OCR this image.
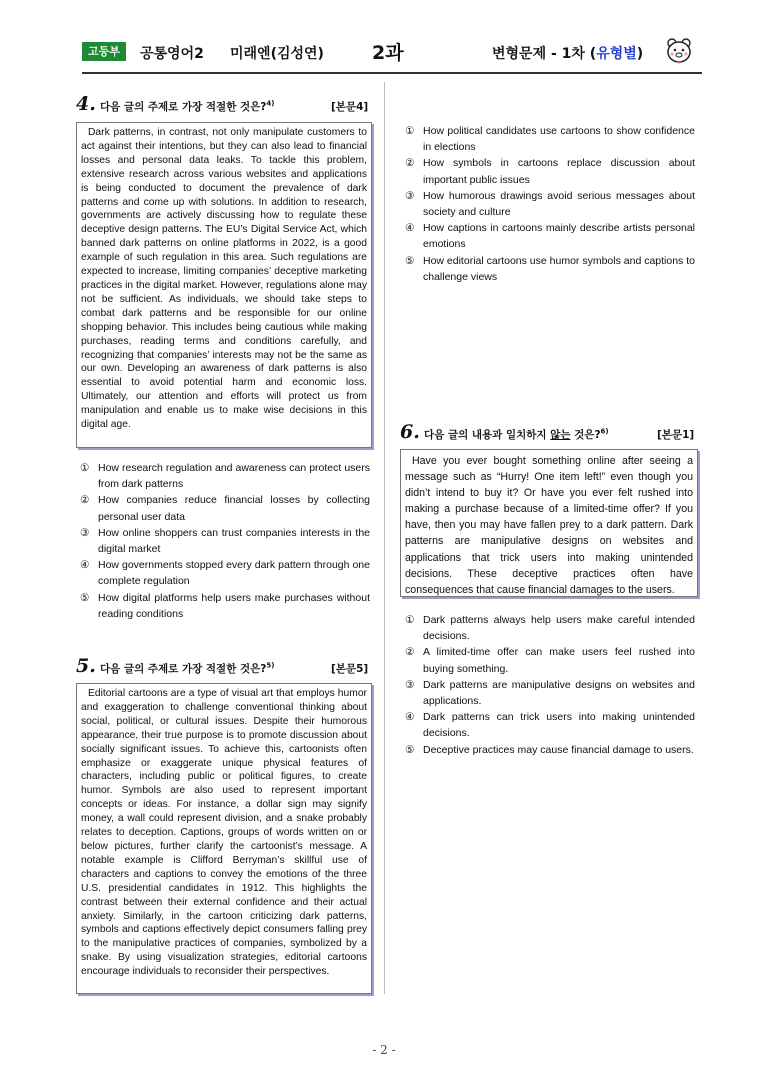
고등부	공통영어2 미래엔(김성연)	2과	변형문제 - 1차 (유형별)
4. 다음 글의 주제로 가장 적절한 것은?$^{4)}$	[본문4]

Dark patterns, in contrast, not only manipulate customers to act against their intentions, but they can also lead to financial losses and personal data leaks. To tackle this problem, extensive research across various websites and applications is being conducted to document the prevalence of dark patterns and come up with solutions. In addition to research, governments are actively discussing how to regulate these deceptive design patterns. The EU’s Digital Service Act, which banned dark patterns on online platforms in 2022, is a good example of such regulation in this area. Such regulations are expected to increase, limiting companies’ deceptive marketing practices in the digital market. However, regulations alone may not be sufficient. As individuals, we should take steps to combat dark patterns and be responsible for our online shopping behavior. This includes being cautious while making purchases, reading terms and conditions carefully, and recognizing that companies’ interests may not be the same as our own. Developing an awareness of dark patterns is also essential to avoid potential harm and economic loss. Ultimately, our attention and efforts will protect us from manipulation and enable us to make wise decisions in this digital age.

① How research regulation and awareness can protect users from dark patterns
② How companies reduce financial losses by collecting personal user data
③ How online shoppers can trust companies interests in the digital market
④ How governments stopped every dark pattern through one complete regulation
⑤ How digital platforms help users make purchases without reading conditions
5. 다음 글의 주제로 가장 적절한 것은?$^{5)}$	[본문5]

Editorial cartoons are a type of visual art that employs humor and exaggeration to challenge conventional thinking about social, political, or cultural issues. Despite their humorous appearance, their true purpose is to promote discussion about socially significant issues. To achieve this, cartoonists often emphasize or exaggerate unique physical features of characters, including public or political figures, to create humor. Symbols are also used to represent important concepts or ideas. For instance, a dollar sign may signify money, a wall could represent division, and a snake probably relates to deception. Captions, groups of words written on or below pictures, further clarify the cartoonist’s message. A notable example is Clifford Berryman’s skillful use of characters and captions to convey the emotions of the three U.S. presidential candidates in 1912. This highlights the contrast between their external confidence and their actual anxiety. Similarly, in the cartoon criticizing dark patterns, symbols and captions effectively depict consumers falling prey to the manipulative practices of companies, symbolized by a snake. By using visualization strategies, editorial cartoons encourage individuals to reconsider their perspectives.

① How political candidates use cartoons to show confidence in elections
② How symbols in cartoons replace discussion about important public issues
③ How humorous drawings avoid serious messages about society and culture
④ How captions in cartoons mainly describe artists personal emotions
⑤ How editorial cartoons use humor symbols and captions to challenge views
6. 다음 글의 내용과 일치하지 않는 것은?$^{6)}$	[본문1]

Have you ever bought something online after seeing a message such as “Hurry! One item left!” even though you didn’t intend to buy it? Or have you ever felt rushed into making a purchase because of a limited-time offer? If you have, then you may have fallen prey to a dark pattern. Dark patterns are manipulative designs on websites and applications that trick users into making unintended decisions. These deceptive practices often have consequences that cause financial damages to the users.

① Dark patterns always help users make careful intended decisions.
② A limited-time offer can make users feel rushed into buying something.
③ Dark patterns are manipulative designs on websites and applications.
④ Dark patterns can trick users into making unintended decisions.
⑤ Deceptive practices may cause financial damage to users.
- 2 -
